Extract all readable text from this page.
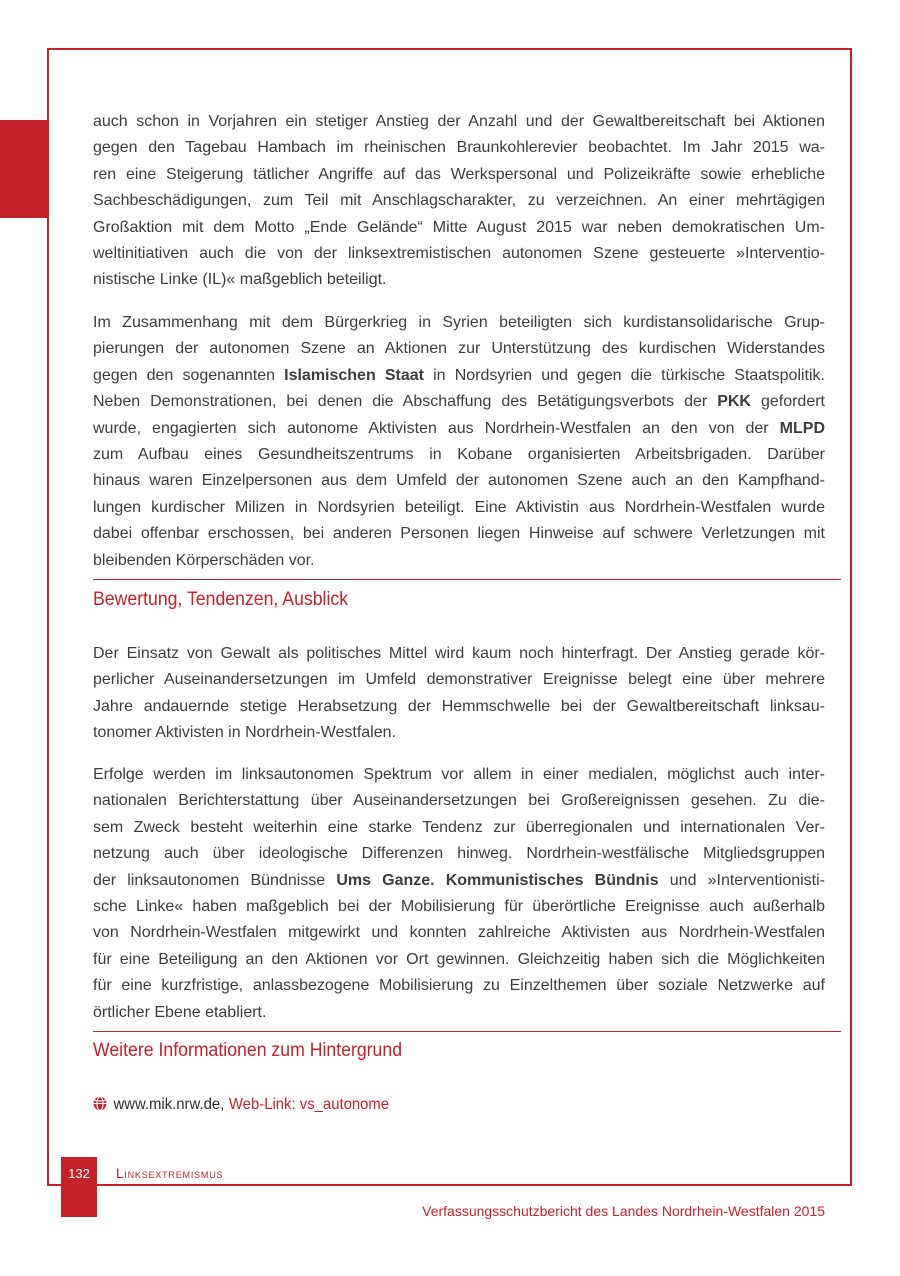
auch schon in Vorjahren ein stetiger Anstieg der Anzahl und der Gewaltbereitschaft bei Aktionen
gegen den Tagebau Hambach im rheinischen Braunkohlerevier beobachtet. Im Jahr 2015 wa-
ren eine Steigerung tätlicher Angriffe auf das Werkspersonal und Polizeikräfte sowie erhebliche
Sachbeschädigungen, zum Teil mit Anschlagscharakter, zu verzeichnen. An einer mehrtägigen
Großaktion mit dem Motto „Ende Gelände“ Mitte August 2015 war neben demokratischen Um-
weltinitiativen auch die von der linksextremistischen autonomen Szene gesteuerte »Interventio-
nistische Linke (IL)« maßgeblich beteiligt.
Im Zusammenhang mit dem Bürgerkrieg in Syrien beteiligten sich kurdistansolidarische Grup-
pierungen der autonomen Szene an Aktionen zur Unterstützung des kurdischen Widerstandes
gegen den sogenannten Islamischen Staat in Nordsyrien und gegen die türkische Staatspolitik.
Neben Demonstrationen, bei denen die Abschaffung des Betätigungsverbots der PKK gefordert
wurde, engagierten sich autonome Aktivisten aus Nordrhein-Westfalen an den von der MLPD
zum Aufbau eines Gesundheitszentrums in Kobane organisierten Arbeitsbrigaden. Darüber
hinaus waren Einzelpersonen aus dem Umfeld der autonomen Szene auch an den Kampfhand-
lungen kurdischer Milizen in Nordsyrien beteiligt. Eine Aktivistin aus Nordrhein-Westfalen wurde
dabei offenbar erschossen, bei anderen Personen liegen Hinweise auf schwere Verletzungen mit
bleibenden Körperschäden vor.
Bewertung, Tendenzen, Ausblick
Der Einsatz von Gewalt als politisches Mittel wird kaum noch hinterfragt. Der Anstieg gerade kör-
perlicher Auseinandersetzungen im Umfeld demonstrativer Ereignisse belegt eine über mehrere
Jahre andauernde stetige Herabsetzung der Hemmschwelle bei der Gewaltbereitschaft linksau-
tonomer Aktivisten in Nordrhein-Westfalen.
Erfolge werden im linksautonomen Spektrum vor allem in einer medialen, möglichst auch inter-
nationalen Berichterstattung über Auseinandersetzungen bei Großereignissen gesehen. Zu die-
sem Zweck besteht weiterhin eine starke Tendenz zur überregionalen und internationalen Ver-
netzung auch über ideologische Differenzen hinweg. Nordrhein-westfälische Mitgliedsgruppen
der linksautonomen Bündnisse Ums Ganze. Kommunistisches Bündnis und »Interventionisti-
sche Linke« haben maßgeblich bei der Mobilisierung für überörtliche Ereignisse auch außerhalb
von Nordrhein-Westfalen mitgewirkt und konnten zahlreiche Aktivisten aus Nordrhein-Westfalen
für eine Beteiligung an den Aktionen vor Ort gewinnen. Gleichzeitig haben sich die Möglichkeiten
für eine kurzfristige, anlassbezogene Mobilisierung zu Einzelthemen über soziale Netzwerke auf
örtlicher Ebene etabliert.
Weitere Informationen zum Hintergrund
www.mik.nrw.de, Web-Link: vs_autonome
132	Linksextremismus
Verfassungsschutzbericht des Landes Nordrhein-Westfalen 2015
